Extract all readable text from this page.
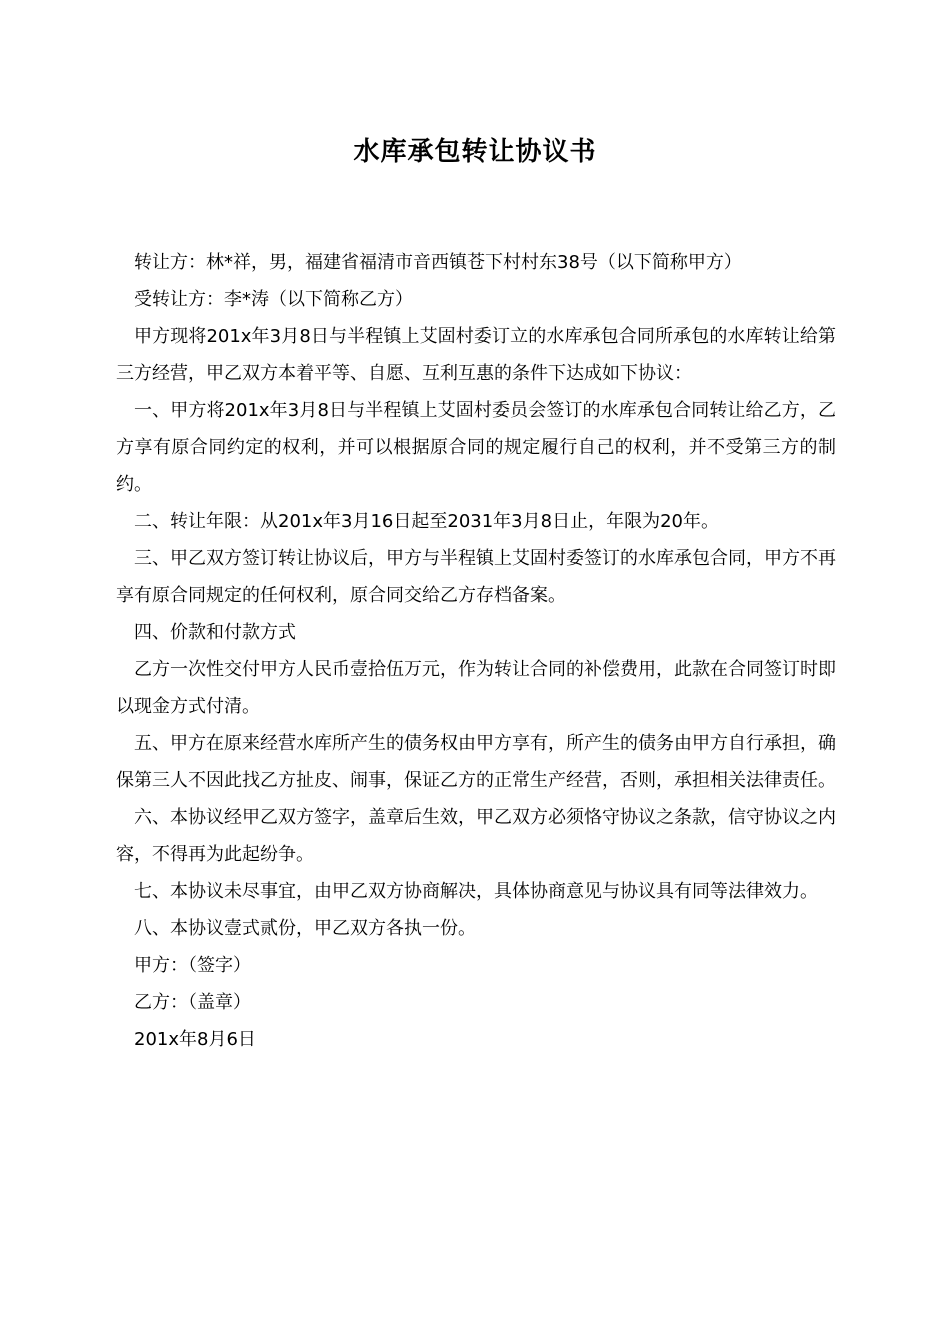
水库承包转让协议书

转让方：林*祥，男，福建省福清市音西镇苍下村村东38号（以下简称甲方）

受转让方：李*涛（以下简称乙方）

甲方现将201x年3月8日与半程镇上艾固村委订立的水库承包合同所承包的水库转让给第三方经营，甲乙双方本着平等、自愿、互利互惠的条件下达成如下协议：

一、甲方将201x年3月8日与半程镇上艾固村委员会签订的水库承包合同转让给乙方，乙方享有原合同约定的权利，并可以根据原合同的规定履行自己的权利，并不受第三方的制约。

二、转让年限：从201x年3月16日起至2031年3月8日止，年限为20年。

三、甲乙双方签订转让协议后，甲方与半程镇上艾固村委签订的水库承包合同，甲方不再享有原合同规定的任何权利，原合同交给乙方存档备案。

四、价款和付款方式

乙方一次性交付甲方人民币壹拾伍万元，作为转让合同的补偿费用，此款在合同签订时即以现金方式付清。

五、甲方在原来经营水库所产生的债务权由甲方享有，所产生的债务由甲方自行承担，确保第三人不因此找乙方扯皮、闹事，保证乙方的正常生产经营，否则，承担相关法律责任。

六、本协议经甲乙双方签字，盖章后生效，甲乙双方必须恪守协议之条款，信守协议之内容，不得再为此起纷争。

七、本协议未尽事宜，由甲乙双方协商解决，具体协商意见与协议具有同等法律效力。

八、本协议壹式贰份，甲乙双方各执一份。

甲方：（签字）

乙方：（盖章）

201x年8月6日
